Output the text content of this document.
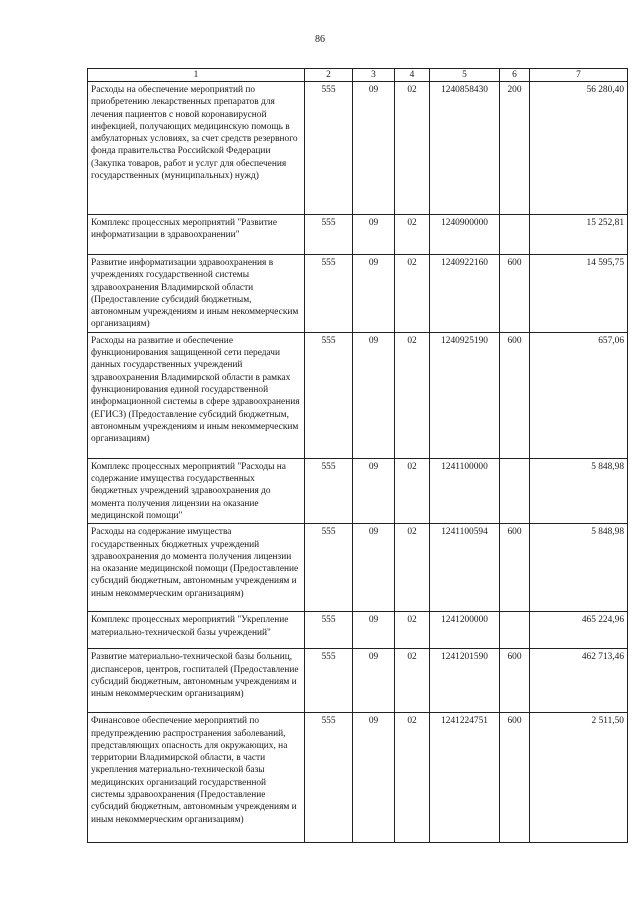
86
1	2	3	4	5	6	7
Расходы на обеспечение мероприятий по приобретению лекарственных препаратов для лечения пациентов с новой коронавирусной инфекцией, получающих медицинскую помощь в амбулаторных условиях, за счет средств резервного фонда правительства Российской Федерации (Закупка товаров, работ и услуг для обеспечения государственных (муниципальных) нужд)	555	09	02	1240858430	200	56 280,40
Комплекс процессных мероприятий "Развитие информатизации в здравоохранении"	555	09	02	1240900000		15 252,81
Развитие информатизации здравоохранения в учреждениях государственной системы здравоохранения Владимирской области (Предоставление субсидий бюджетным, автономным учреждениям и иным некоммерческим организациям)	555	09	02	1240922160	600	14 595,75
Расходы на развитие и обеспечение функционирования защищенной сети передачи данных государственных учреждений здравоохранения Владимирской области в рамках функционирования единой государственной информационной системы в сфере здравоохранения (ЕГИСЗ) (Предоставление субсидий бюджетным, автономным учреждениям и иным некоммерческим организациям)	555	09	02	1240925190	600	657,06
Комплекс процессных мероприятий "Расходы на содержание имущества государственных бюджетных учреждений здравоохранения до момента получения лицензии на оказание медицинской помощи"	555	09	02	1241100000		5 848,98
Расходы на содержание имущества государственных бюджетных учреждений здравоохранения до момента получения лицензии на оказание медицинской помощи (Предоставление субсидий бюджетным, автономным учреждениям и иным некоммерческим организациям)	555	09	02	1241100594	600	5 848,98
Комплекс процессных мероприятий "Укрепление материально-технической базы учреждений"	555	09	02	1241200000		465 224,96
Развитие материально-технической базы больниц, диспансеров, центров, госпиталей (Предоставление субсидий бюджетным, автономным учреждениям и иным некоммерческим организациям)	555	09	02	1241201590	600	462 713,46
Финансовое обеспечение мероприятий по предупреждению распространения заболеваний, представляющих опасность для окружающих, на территории Владимирской области, в части укрепления материально-технической базы медицинских организаций государственной системы здравоохранения (Предоставление субсидий бюджетным, автономным учреждениям и иным некоммерческим организациям)	555	09	02	1241224751	600	2 511,50
